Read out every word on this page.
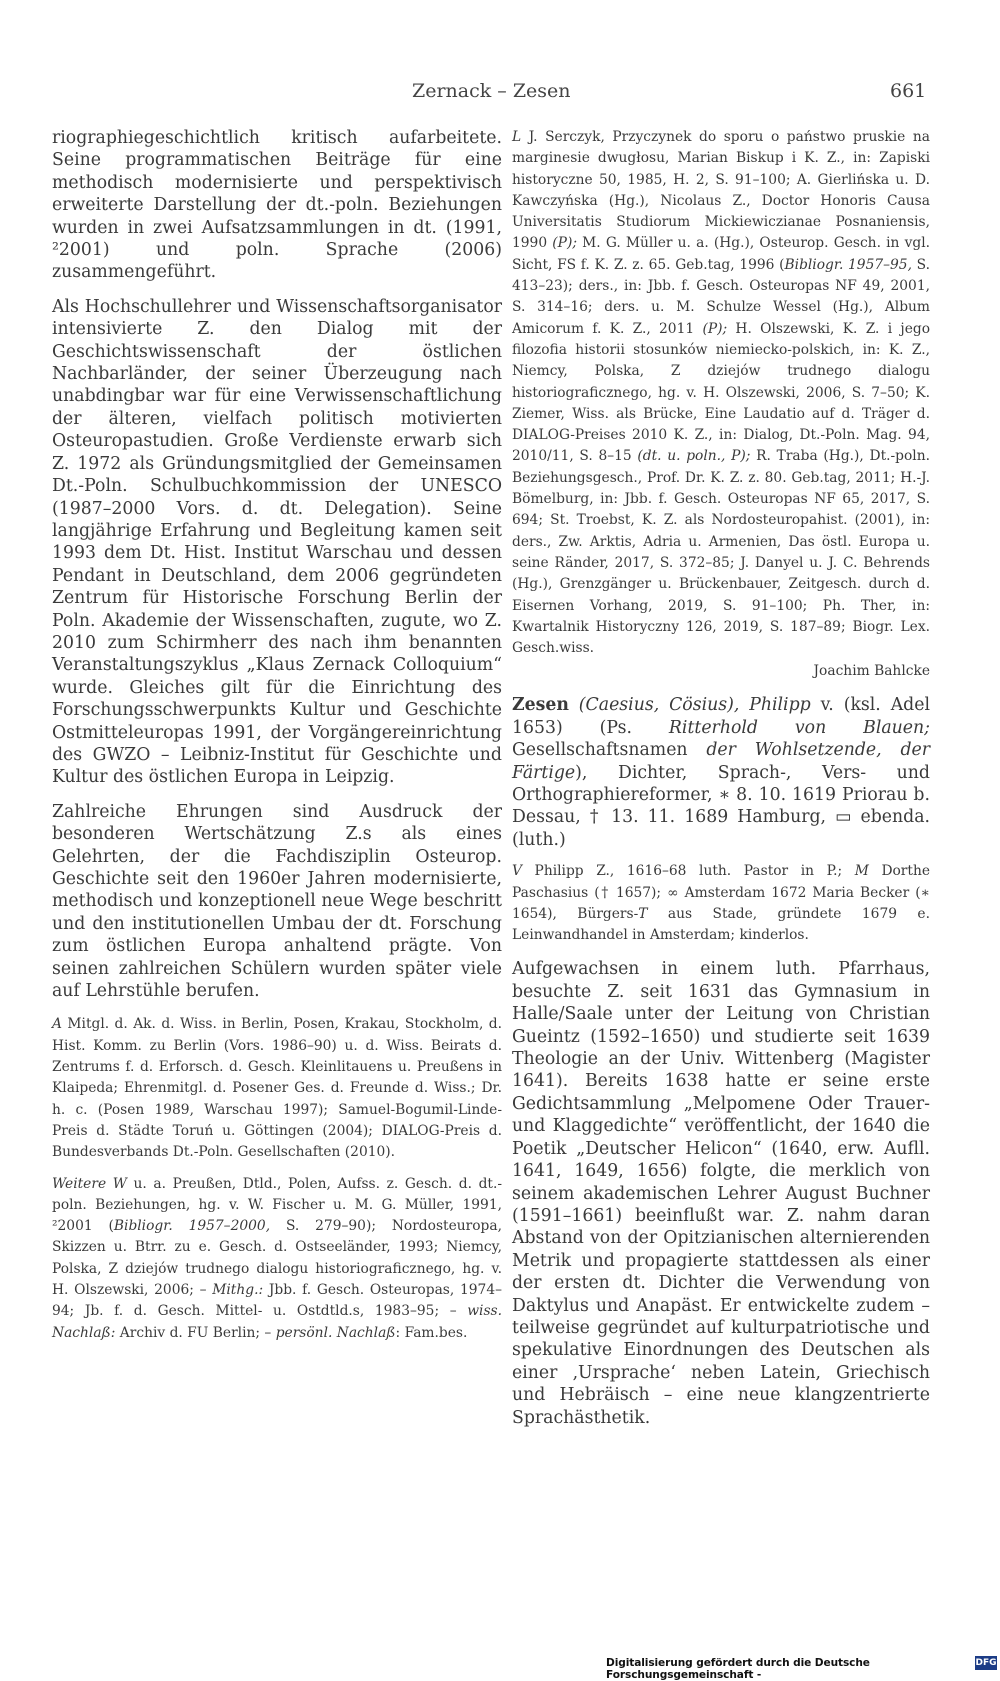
Zernack – Zesen	661

riographiegeschichtlich kritisch aufarbeitete. Seine programmatischen Beiträge für eine methodisch modernisierte und perspektivisch erweiterte Darstellung der dt.-poln. Beziehungen wurden in zwei Aufsatzsammlungen in dt. (1991, ²2001) und poln. Sprache (2006) zusammengeführt.

Als Hochschullehrer und Wissenschaftsorganisator intensivierte Z. den Dialog mit der Geschichtswissenschaft der östlichen Nachbarländer, der seiner Überzeugung nach unabdingbar war für eine Verwissenschaftlichung der älteren, vielfach politisch motivierten Osteuropastudien. Große Verdienste erwarb sich Z. 1972 als Gründungsmitglied der Gemeinsamen Dt.-Poln. Schulbuchkommission der UNESCO (1987–2000 Vors. d. dt. Delegation). Seine langjährige Erfahrung und Begleitung kamen seit 1993 dem Dt. Hist. Institut Warschau und dessen Pendant in Deutschland, dem 2006 gegründeten Zentrum für Historische Forschung Berlin der Poln. Akademie der Wissenschaften, zugute, wo Z. 2010 zum Schirmherr des nach ihm benannten Veranstaltungszyklus „Klaus Zernack Colloquium“ wurde. Gleiches gilt für die Einrichtung des Forschungsschwerpunkts Kultur und Geschichte Ostmitteleuropas 1991, der Vorgängereinrichtung des GWZO – Leibniz-Institut für Geschichte und Kultur des östlichen Europa in Leipzig.

Zahlreiche Ehrungen sind Ausdruck der besonderen Wertschätzung Z.s als eines Gelehrten, der die Fachdisziplin Osteurop. Geschichte seit den 1960er Jahren modernisierte, methodisch und konzeptionell neue Wege beschritt und den institutionellen Umbau der dt. Forschung zum östlichen Europa anhaltend prägte. Von seinen zahlreichen Schülern wurden später viele auf Lehrstühle berufen.

A Mitgl. d. Ak. d. Wiss. in Berlin, Posen, Krakau, Stockholm, d. Hist. Komm. zu Berlin (Vors. 1986–90) u. d. Wiss. Beirats d. Zentrums f. d. Erforsch. d. Gesch. Kleinlitauens u. Preußens in Klaipeda; Ehrenmitgl. d. Posener Ges. d. Freunde d. Wiss.; Dr. h. c. (Posen 1989, Warschau 1997); Samuel-Bogumil-Linde-Preis d. Städte Toruń u. Göttingen (2004); DIALOG-Preis d. Bundesverbands Dt.-Poln. Gesellschaften (2010).

Weitere W u. a. Preußen, Dtld., Polen, Aufss. z. Gesch. d. dt.-poln. Beziehungen, hg. v. W. Fischer u. M. G. Müller, 1991, ²2001 (Bibliogr. 1957–2000, S. 279–90); Nordosteuropa, Skizzen u. Btrr. zu e. Gesch. d. Ostseeländer, 1993; Niemcy, Polska, Z dziejów trudnego dialogu historiograficznego, hg. v. H. Olszewski, 2006; – Mithg.: Jbb. f. Gesch. Osteuropas, 1974–94; Jb. f. d. Gesch. Mittel- u. Ostdtld.s, 1983–95; – wiss. Nachlaß: Archiv d. FU Berlin; – persönl. Nachlaß: Fam.bes.

L J. Serczyk, Przyczynek do sporu o państwo pruskie na marginesie dwugłosu, Marian Biskup i K. Z., in: Zapiski historyczne 50, 1985, H. 2, S. 91–100; A. Gierlińska u. D. Kawczyńska (Hg.), Nicolaus Z., Doctor Honoris Causa Universitatis Studiorum Mickiewiczianae Posnaniensis, 1990 (P); M. G. Müller u. a. (Hg.), Osteurop. Gesch. in vgl. Sicht, FS f. K. Z. z. 65. Geb.tag, 1996 (Bibliogr. 1957–95, S. 413–23); ders., in: Jbb. f. Gesch. Osteuropas NF 49, 2001, S. 314–16; ders. u. M. Schulze Wessel (Hg.), Album Amicorum f. K. Z., 2011 (P); H. Olszewski, K. Z. i jego filozofia historii stosunków niemiecko-polskich, in: K. Z., Niemcy, Polska, Z dziejów trudnego dialogu historiograficznego, hg. v. H. Olszewski, 2006, S. 7–50; K. Ziemer, Wiss. als Brücke, Eine Laudatio auf d. Träger d. DIALOG-Preises 2010 K. Z., in: Dialog, Dt.-Poln. Mag. 94, 2010/11, S. 8–15 (dt. u. poln., P); R. Traba (Hg.), Dt.-poln. Beziehungsgesch., Prof. Dr. K. Z. z. 80. Geb.tag, 2011; H.-J. Bömelburg, in: Jbb. f. Gesch. Osteuropas NF 65, 2017, S. 694; St. Troebst, K. Z. als Nordosteuropahist. (2001), in: ders., Zw. Arktis, Adria u. Armenien, Das östl. Europa u. seine Ränder, 2017, S. 372–85; J. Danyel u. J. C. Behrends (Hg.), Grenzgänger u. Brückenbauer, Zeitgesch. durch d. Eisernen Vorhang, 2019, S. 91–100; Ph. Ther, in: Kwartalnik Historyczny 126, 2019, S. 187–89; Biogr. Lex. Gesch.wiss.

Joachim Bahlcke

Zesen (Caesius, Cösius), Philipp v. (ksl. Adel 1653) (Ps. Ritterhold von Blauen; Gesellschaftsnamen der Wohlsetzende, der Färtige), Dichter, Sprach-, Vers- und Orthographiereformer, ∗ 8. 10. 1619 Priorau b. Dessau, † 13. 11. 1689 Hamburg, ▭ ebenda. (luth.)

V Philipp Z., 1616–68 luth. Pastor in P.; M Dorthe Paschasius († 1657); ∞ Amsterdam 1672 Maria Becker (∗ 1654), Bürgers-T aus Stade, gründete 1679 e. Leinwandhandel in Amsterdam; kinderlos.

Aufgewachsen in einem luth. Pfarrhaus, besuchte Z. seit 1631 das Gymnasium in Halle/Saale unter der Leitung von Christian Gueintz (1592–1650) und studierte seit 1639 Theologie an der Univ. Wittenberg (Magister 1641). Bereits 1638 hatte er seine erste Gedichtsammlung „Melpomene Oder Trauer- und Klaggedichte“ veröffentlicht, der 1640 die Poetik „Deutscher Helicon“ (1640, erw. Aufll. 1641, 1649, 1656) folgte, die merklich von seinem akademischen Lehrer August Buchner (1591–1661) beeinflußt war. Z. nahm daran Abstand von der Opitzianischen alternierenden Metrik und propagierte stattdessen als einer der ersten dt. Dichter die Verwendung von Daktylus und Anapäst. Er entwickelte zudem – teilweise gegründet auf kulturpatriotische und spekulative Einordnungen des Deutschen als einer ‚Ursprache‘ neben Latein, Griechisch und Hebräisch – eine neue klangzentrierte Sprachästhetik.

Digitalisierung gefördert durch die Deutsche Forschungsgemeinschaft -
DFG
